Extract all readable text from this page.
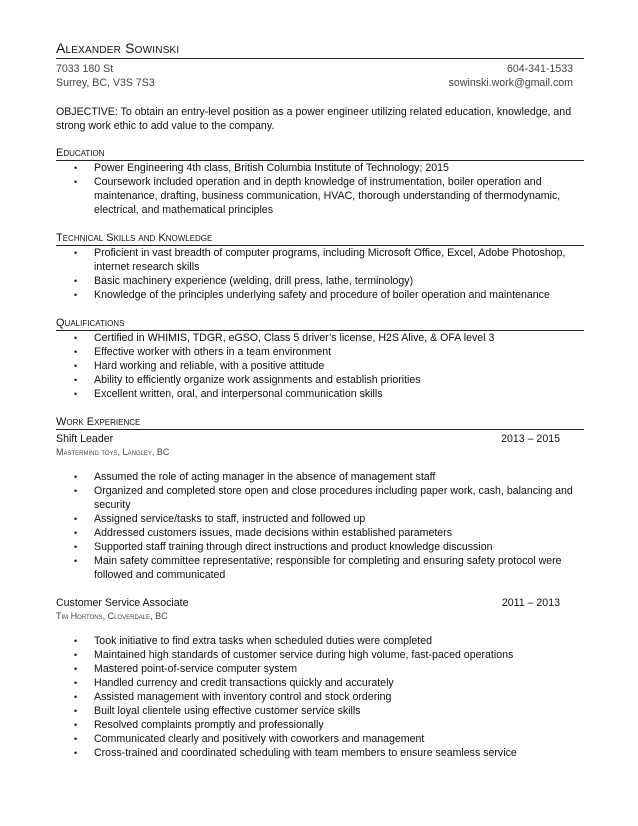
Alexander Sowinski
7033 180 St
Surrey, BC, V3S 7S3
604-341-1533
sowinski.work@gmail.com
OBJECTIVE: To obtain an entry-level position as a power engineer utilizing related education, knowledge, and strong work ethic to add value to the company.
Education
• Power Engineering 4th class, British Columbia Institute of Technology; 2015
• Coursework included operation and in depth knowledge of instrumentation, boiler operation and maintenance, drafting, business communication, HVAC, thorough understanding of thermodynamic, electrical, and mathematical principles
Technical Skills and Knowledge
• Proficient in vast breadth of computer programs, including Microsoft Office, Excel, Adobe Photoshop, internet research skills
• Basic machinery experience (welding, drill press, lathe, terminology)
• Knowledge of the principles underlying safety and procedure of boiler operation and maintenance
Qualifications
• Certified in WHIMIS, TDGR, eGSO, Class 5 driver’s license, H2S Alive, & OFA level 3
• Effective worker with others in a team environment
• Hard working and reliable, with a positive attitude
• Ability to efficiently organize work assignments and establish priorities
• Excellent written, oral, and interpersonal communication skills
Work Experience
Shift Leader	2013 – 2015
Mastermind toys, Langley, BC
• Assumed the role of acting manager in the absence of management staff
• Organized and completed store open and close procedures including paper work, cash, balancing and security
• Assigned service/tasks to staff, instructed and followed up
• Addressed customers issues, made decisions within established parameters
• Supported staff training through direct instructions and product knowledge discussion
• Main safety committee representative; responsible for completing and ensuring safety protocol were followed and communicated
Customer Service Associate	2011 – 2013
Tim Hortons, Cloverdale, BC
• Took initiative to find extra tasks when scheduled duties were completed
• Maintained high standards of customer service during high volume, fast-paced operations
• Mastered point-of-service computer system
• Handled currency and credit transactions quickly and accurately
• Assisted management with inventory control and stock ordering
• Built loyal clientele using effective customer service skills
• Resolved complaints promptly and professionally
• Communicated clearly and positively with coworkers and management
• Cross-trained and coordinated scheduling with team members to ensure seamless service
